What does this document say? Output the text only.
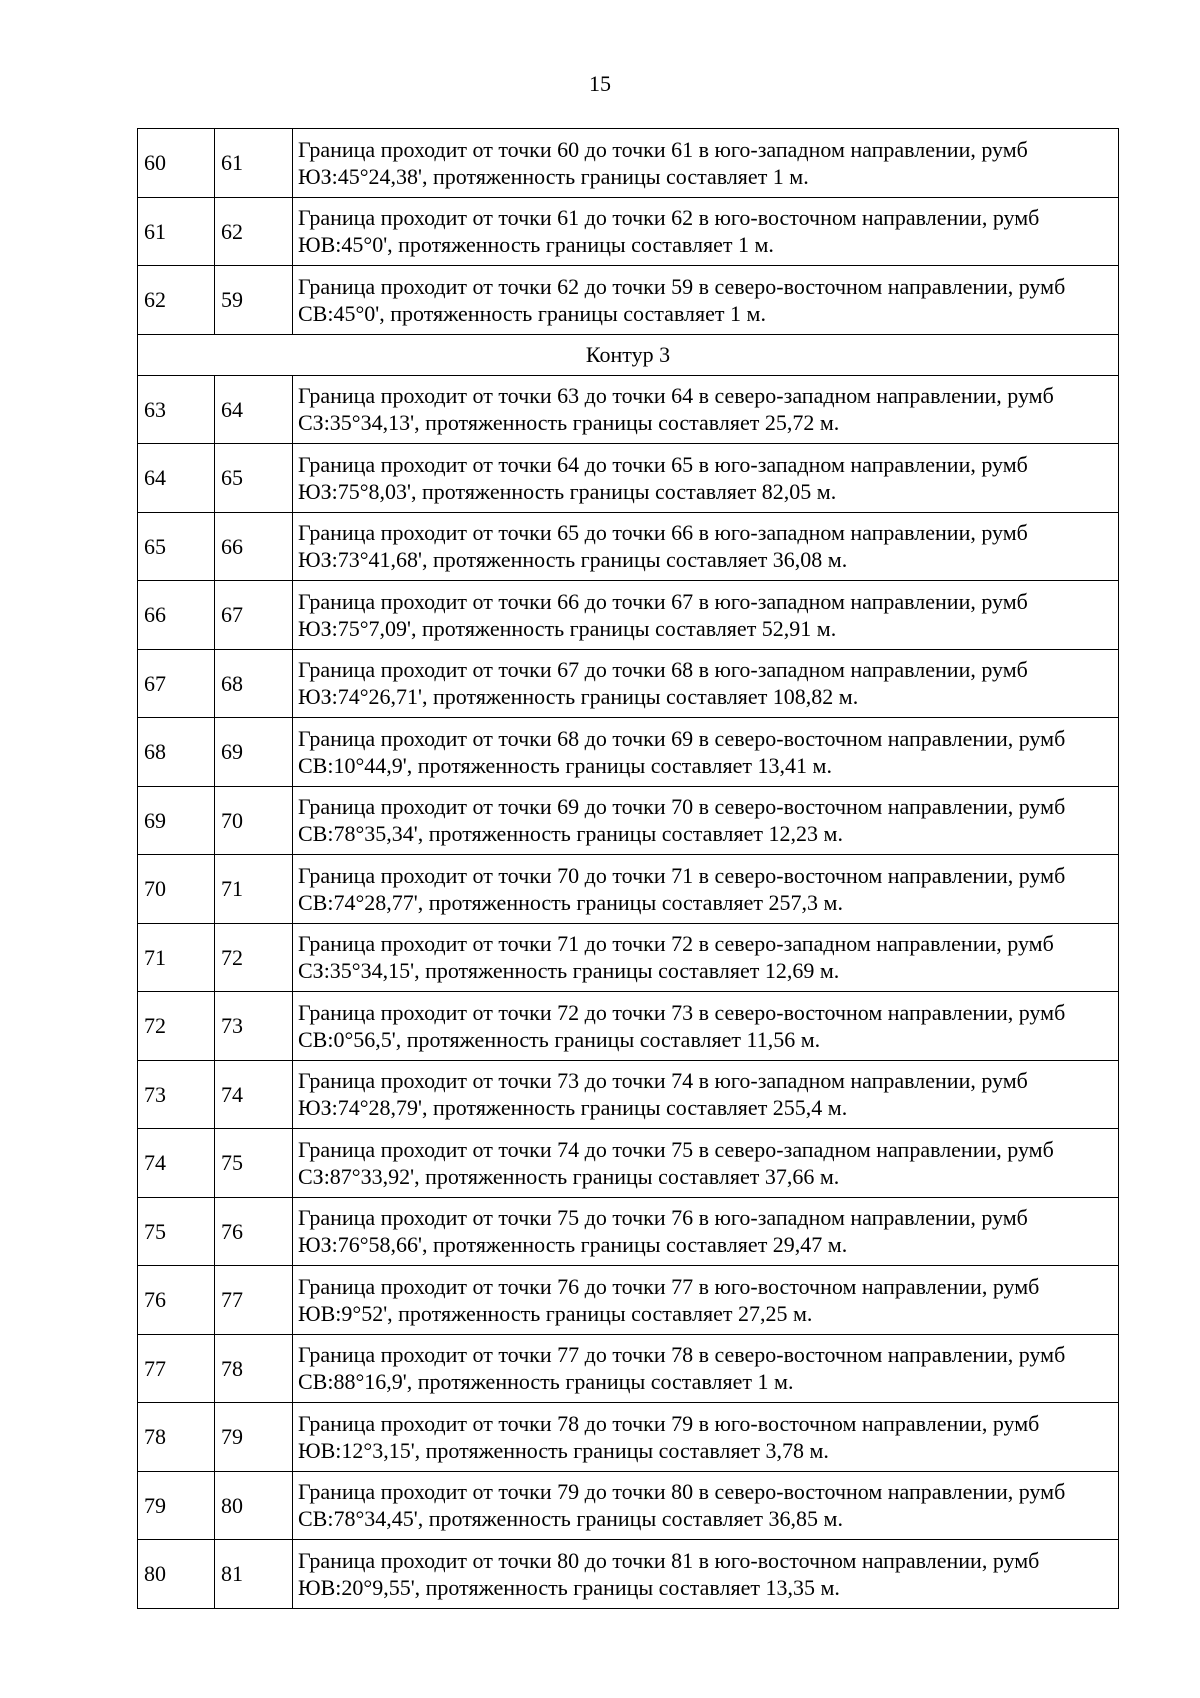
15
60	61	Граница проходит от точки 60 до точки 61 в юго-западном направлении, румб ЮЗ:45°24,38', протяженность границы составляет 1 м.
61	62	Граница проходит от точки 61 до точки 62 в юго-восточном направлении, румб ЮВ:45°0', протяженность границы составляет 1 м.
62	59	Граница проходит от точки 62 до точки 59 в северо-восточном направлении, румб СВ:45°0', протяженность границы составляет 1 м.
Контур 3		
63	64	Граница проходит от точки 63 до точки 64 в северо-западном направлении, румб СЗ:35°34,13', протяженность границы составляет 25,72 м.
64	65	Граница проходит от точки 64 до точки 65 в юго-западном направлении, румб ЮЗ:75°8,03', протяженность границы составляет 82,05 м.
65	66	Граница проходит от точки 65 до точки 66 в юго-западном направлении, румб ЮЗ:73°41,68', протяженность границы составляет 36,08 м.
66	67	Граница проходит от точки 66 до точки 67 в юго-западном направлении, румб ЮЗ:75°7,09', протяженность границы составляет 52,91 м.
67	68	Граница проходит от точки 67 до точки 68 в юго-западном направлении, румб ЮЗ:74°26,71', протяженность границы составляет 108,82 м.
68	69	Граница проходит от точки 68 до точки 69 в северо-восточном направлении, румб СВ:10°44,9', протяженность границы составляет 13,41 м.
69	70	Граница проходит от точки 69 до точки 70 в северо-восточном направлении, румб СВ:78°35,34', протяженность границы составляет 12,23 м.
70	71	Граница проходит от точки 70 до точки 71 в северо-восточном направлении, румб СВ:74°28,77', протяженность границы составляет 257,3 м.
71	72	Граница проходит от точки 71 до точки 72 в северо-западном направлении, румб СЗ:35°34,15', протяженность границы составляет 12,69 м.
72	73	Граница проходит от точки 72 до точки 73 в северо-восточном направлении, румб СВ:0°56,5', протяженность границы составляет 11,56 м.
73	74	Граница проходит от точки 73 до точки 74 в юго-западном направлении, румб ЮЗ:74°28,79', протяженность границы составляет 255,4 м.
74	75	Граница проходит от точки 74 до точки 75 в северо-западном направлении, румб СЗ:87°33,92', протяженность границы составляет 37,66 м.
75	76	Граница проходит от точки 75 до точки 76 в юго-западном направлении, румб ЮЗ:76°58,66', протяженность границы составляет 29,47 м.
76	77	Граница проходит от точки 76 до точки 77 в юго-восточном направлении, румб ЮВ:9°52', протяженность границы составляет 27,25 м.
77	78	Граница проходит от точки 77 до точки 78 в северо-восточном направлении, румб СВ:88°16,9', протяженность границы составляет 1 м.
78	79	Граница проходит от точки 78 до точки 79 в юго-восточном направлении, румб ЮВ:12°3,15', протяженность границы составляет 3,78 м.
79	80	Граница проходит от точки 79 до точки 80 в северо-восточном направлении, румб СВ:78°34,45', протяженность границы составляет 36,85 м.
80	81	Граница проходит от точки 80 до точки 81 в юго-восточном направлении, румб ЮВ:20°9,55', протяженность границы составляет 13,35 м.
